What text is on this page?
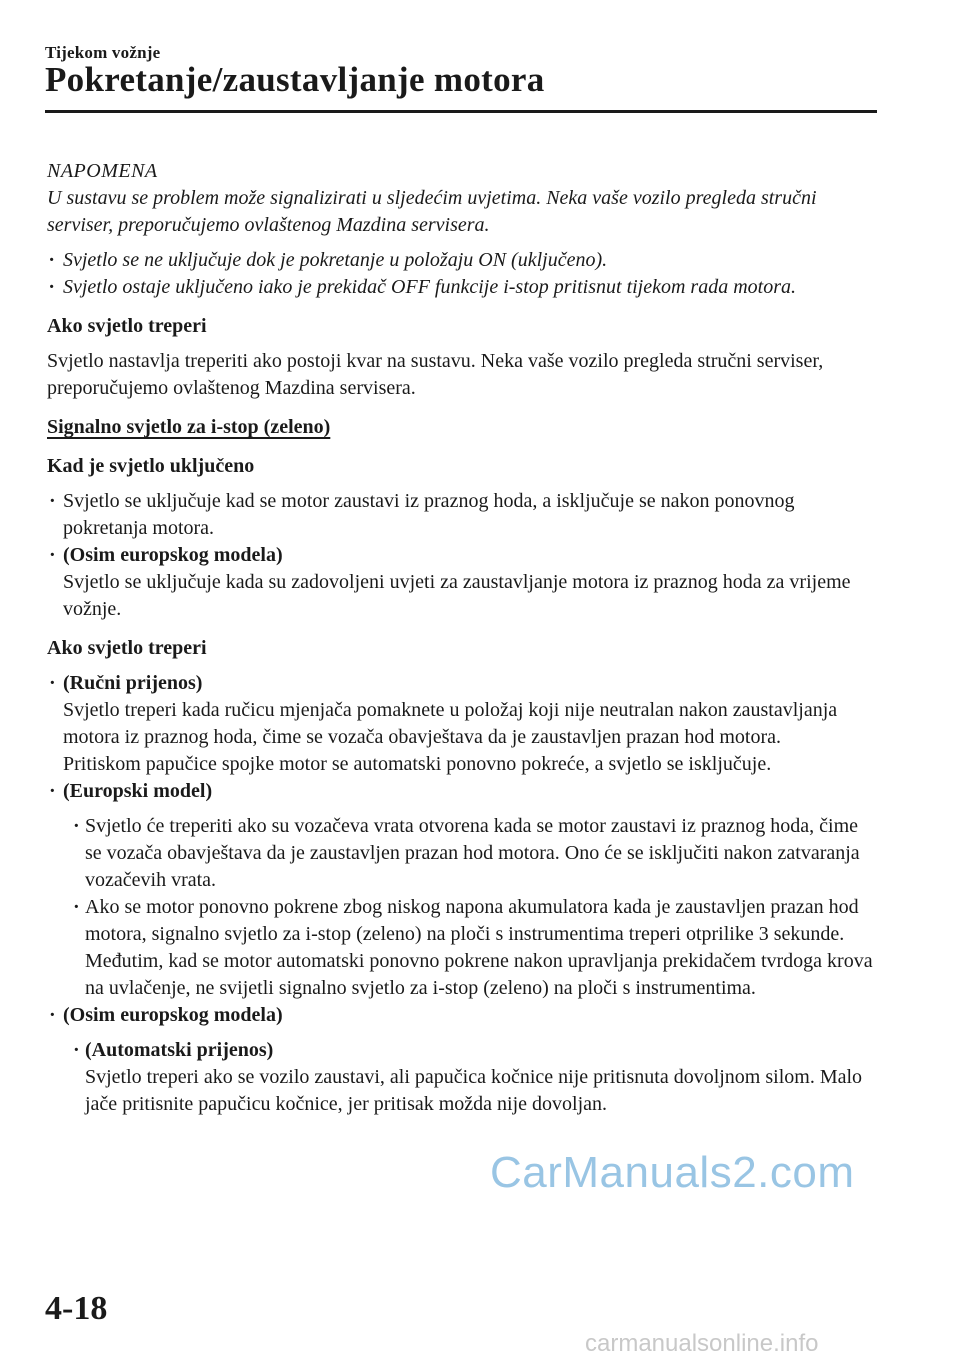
Tijekom vožnje
Pokretanje/zaustavljanje motora
NAPOMENA
U sustavu se problem može signalizirati u sljedećim uvjetima. Neka vaše vozilo pregleda stručni serviser, preporučujemo ovlaštenog Mazdina servisera.
· Svjetlo se ne uključuje dok je pokretanje u položaju ON (uključeno).
· Svjetlo ostaje uključeno iako je prekidač OFF funkcije i-stop pritisnut tijekom rada motora.
Ako svjetlo treperi
Svjetlo nastavlja treperiti ako postoji kvar na sustavu. Neka vaše vozilo pregleda stručni serviser, preporučujemo ovlaštenog Mazdina servisera.
Signalno svjetlo za i-stop (zeleno)
Kad je svjetlo uključeno
· Svjetlo se uključuje kad se motor zaustavi iz praznog hoda, a isključuje se nakon ponovnog pokretanja motora.
· (Osim europskog modela)
Svjetlo se uključuje kada su zadovoljeni uvjeti za zaustavljanje motora iz praznog hoda za vrijeme vožnje.
Ako svjetlo treperi
· (Ručni prijenos)
Svjetlo treperi kada ručicu mjenjača pomaknete u položaj koji nije neutralan nakon zaustavljanja motora iz praznog hoda, čime se vozača obavještava da je zaustavljen prazan hod motora.
Pritiskom papučice spojke motor se automatski ponovno pokreće, a svjetlo se isključuje.
· (Europski model)
· Svjetlo će treperiti ako su vozačeva vrata otvorena kada se motor zaustavi iz praznog hoda, čime se vozača obavještava da je zaustavljen prazan hod motora. Ono će se isključiti nakon zatvaranja vozačevih vrata.
· Ako se motor ponovno pokrene zbog niskog napona akumulatora kada je zaustavljen prazan hod motora, signalno svjetlo za i-stop (zeleno) na ploči s instrumentima treperi otprilike 3 sekunde. Međutim, kad se motor automatski ponovno pokrene nakon upravljanja prekidačem tvrdoga krova na uvlačenje, ne svijetli signalno svjetlo za i-stop (zeleno) na ploči s instrumentima.
· (Osim europskog modela)
· (Automatski prijenos)
Svjetlo treperi ako se vozilo zaustavi, ali papučica kočnice nije pritisnuta dovoljnom silom. Malo jače pritisnite papučicu kočnice, jer pritisak možda nije dovoljan.
CarManuals2.com
4-18
carmanualsonline.info
